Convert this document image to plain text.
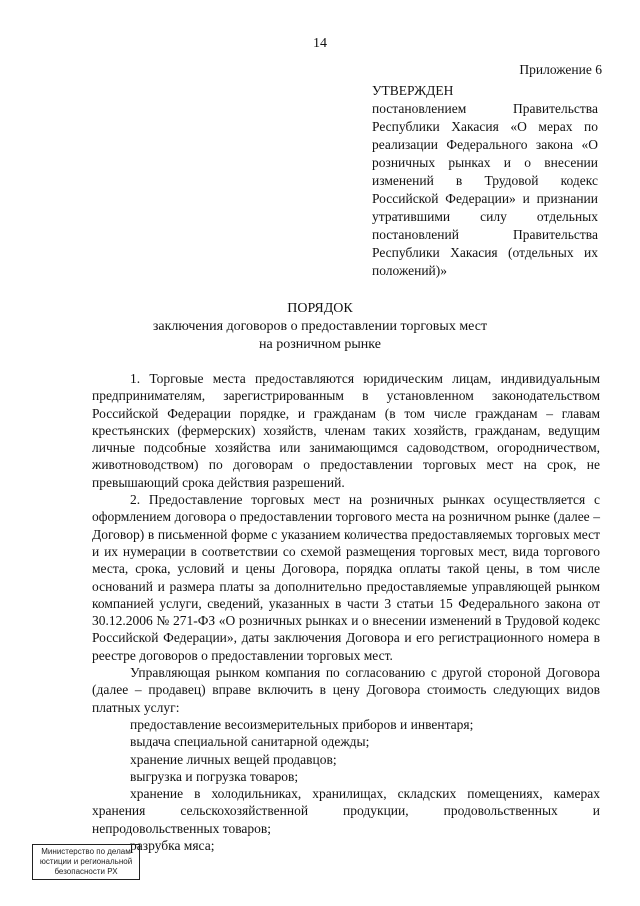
14
Приложение 6
УТВЕРЖДЕН
постановлением Правительства Республики Хакасия «О мерах по реализации Федерального закона «О розничных рынках и о внесении изменений в Трудовой кодекс Российской Федерации» и признании утратившими силу отдельных постановлений Правительства Республики Хакасия (отдельных их положений)»
ПОРЯДОК
заключения договоров о предоставлении торговых мест
на розничном рынке

1. Торговые места предоставляются юридическим лицам, индивидуальным предпринимателям, зарегистрированным в установленном законодательством Российской Федерации порядке, и гражданам (в том числе гражданам – главам крестьянских (фермерских) хозяйств, членам таких хозяйств, гражданам, ведущим личные подсобные хозяйства или занимающимся садоводством, огородничеством, животноводством) по договорам о предоставлении торговых мест на срок, не превышающий срока действия разрешений.

2. Предоставление торговых мест на розничных рынках осуществляется с оформлением договора о предоставлении торгового места на розничном рынке (далее – Договор) в письменной форме с указанием количества предоставляемых торговых мест и их нумерации в соответствии со схемой размещения торговых мест, вида торгового места, срока, условий и цены Договора, порядка оплаты такой цены, в том числе оснований и размера платы за дополнительно предоставляемые управляющей рынком компанией услуги, сведений, указанных в части 3 статьи 15 Федерального закона от 30.12.2006 № 271-ФЗ «О розничных рынках и о внесении изменений в Трудовой кодекс Российской Федерации», даты заключения Договора и его регистрационного номера в реестре договоров о предоставлении торговых мест.

Управляющая рынком компания по согласованию с другой стороной Договора (далее – продавец) вправе включить в цену Договора стоимость следующих видов платных услуг:

предоставление весоизмерительных приборов и инвентаря;
выдача специальной санитарной одежды;
хранение личных вещей продавцов;
выгрузка и погрузка товаров;
хранение в холодильниках, хранилищах, складских помещениях, камерах хранения сельскохозяйственной продукции, продовольственных и непродовольственных товаров;
разрубка мяса;
Министерство по делам
юстиции и региональной
безопасности РХ
